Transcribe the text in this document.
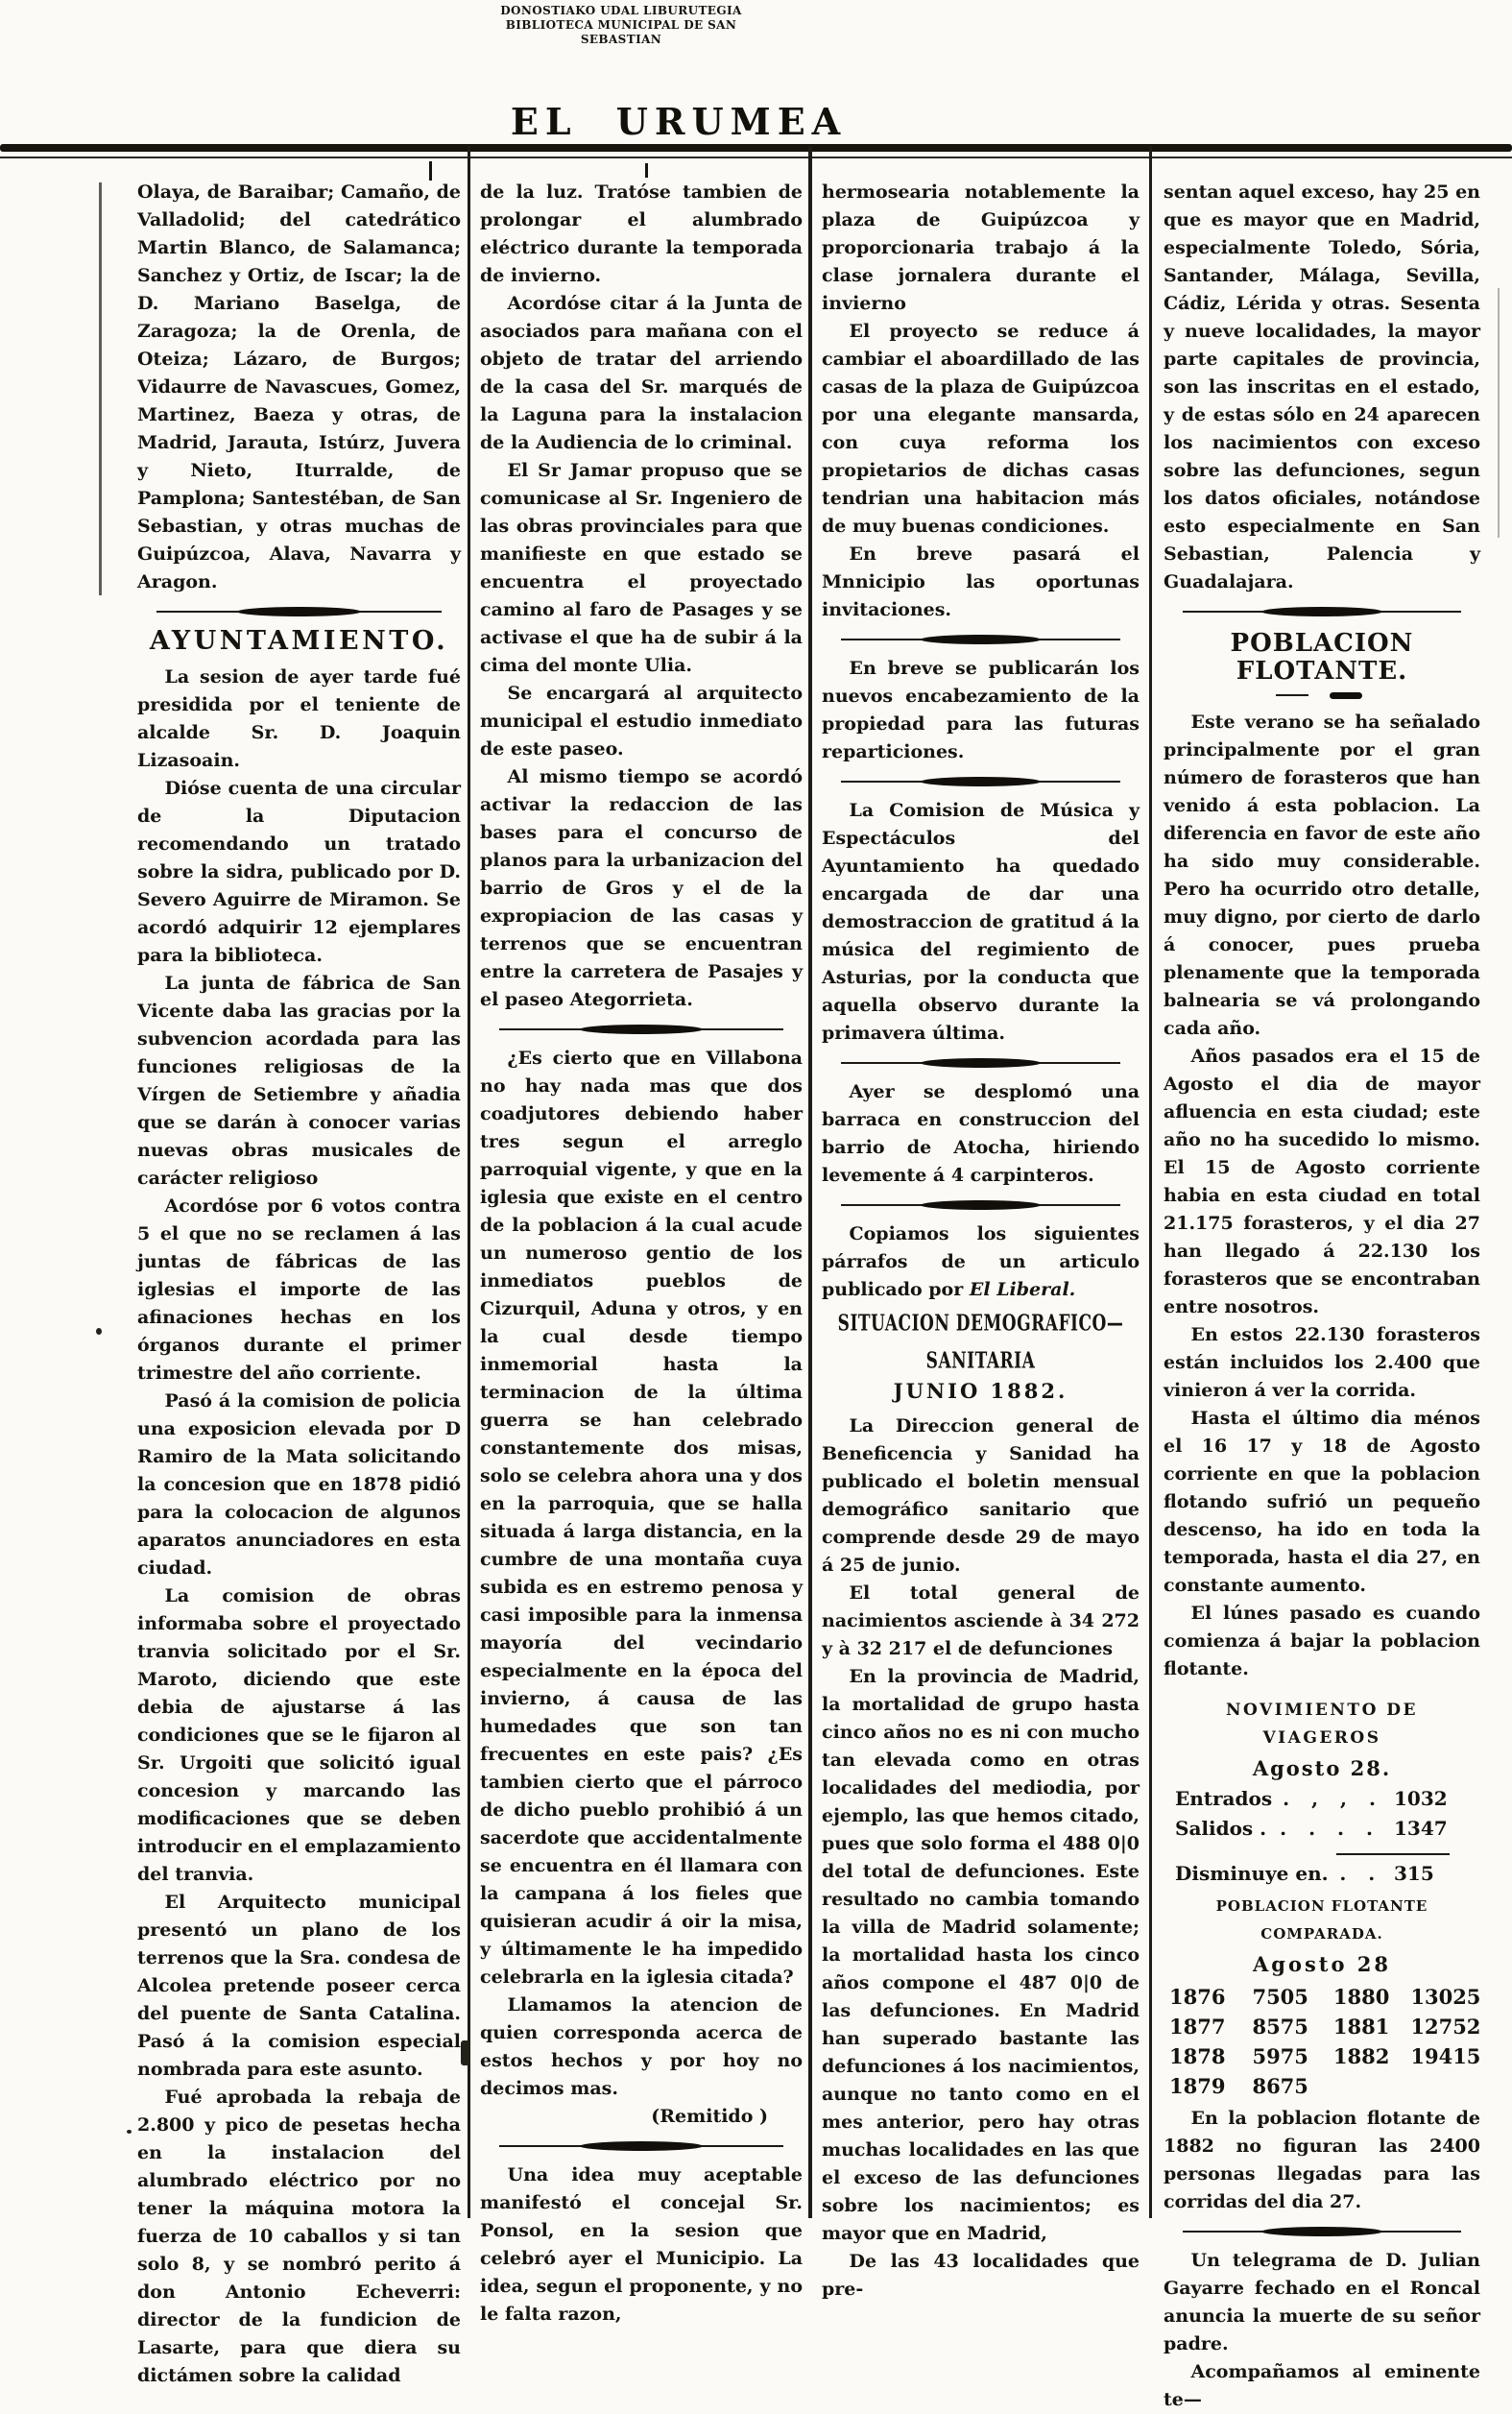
DONOSTIAKO UDAL LIBURUTEGIA
BIBLIOTECA MUNICIPAL DE SAN SEBASTIAN
EL URUMEA

Olaya, de Baraibar; Camaño, de Valladolid; del catedrático Martin Blanco, de Salamanca; Sanchez y Ortiz, de Iscar; la de D. Mariano Baselga, de Zaragoza; la de Orenla, de Oteiza; Lázaro, de Burgos; Vidaurre de Navascues, Gomez, Martinez, Baeza y otras, de Madrid, Jarauta, Istúrz, Juvera y Nieto, Iturralde, de Pamplona; Santestéban, de San Sebastian, y otras muchas de Guipúzcoa, Alava, Navarra y Aragon.

AYUNTAMIENTO.

La sesion de ayer tarde fué presidida por el teniente de alcalde Sr. D. Joaquin Lizasoain.

Dióse cuenta de una circular de la Diputacion recomendando un tratado sobre la sidra, publicado por D. Severo Aguirre de Miramon. Se acordó adquirir 12 ejemplares para la biblioteca.

La junta de fábrica de San Vicente daba las gracias por la subvencion acordada para las funciones religiosas de la Vírgen de Setiembre y añadia que se darán à conocer varias nuevas obras musicales de carácter religioso

Acordóse por 6 votos contra 5 el que no se reclamen á las juntas de fábricas de las iglesias el importe de las afinaciones hechas en los órganos durante el primer trimestre del año corriente.

Pasó á la comision de policia una exposicion elevada por D Ramiro de la Mata solicitando la concesion que en 1878 pidió para la colocacion de algunos aparatos anunciadores en esta ciudad.

La comision de obras informaba sobre el proyectado tranvia solicitado por el Sr. Maroto, diciendo que este debia de ajustarse á las condiciones que se le fijaron al Sr. Urgoiti que solicitó igual concesion y marcando las modificaciones que se deben introducir en el emplazamiento del tranvia.

El Arquitecto municipal presentó un plano de los terrenos que la Sra. condesa de Alcolea pretende poseer cerca del puente de Santa Catalina. Pasó á la comision especial nombrada para este asunto.

Fué aprobada la rebaja de 2.800 y pico de pesetas hecha en la instalacion del alumbrado eléctrico por no tener la máquina motora la fuerza de 10 caballos y si tan solo 8, y se nombró perito á don Antonio Echeverri: director de la fundicion de Lasarte, para que diera su dictámen sobre la calidad

de la luz. Tratóse tambien de prolongar el alumbrado eléctrico durante la temporada de invierno.

Acordóse citar á la Junta de asociados para mañana con el objeto de tratar del arriendo de la casa del Sr. marqués de la Laguna para la instalacion de la Audiencia de lo criminal.

El Sr Jamar propuso que se comunicase al Sr. Ingeniero de las obras provinciales para que manifieste en que estado se encuentra el proyectado camino al faro de Pasages y se activase el que ha de subir á la cima del monte Ulia.

Se encargará al arquitecto municipal el estudio inmediato de este paseo.

Al mismo tiempo se acordó activar la redaccion de las bases para el concurso de planos para la urbanizacion del barrio de Gros y el de la expropiacion de las casas y terrenos que se encuentran entre la carretera de Pasajes y el paseo Ategorrieta.

¿Es cierto que en Villabona no hay nada mas que dos coadjutores debiendo haber tres segun el arreglo parroquial vigente, y que en la iglesia que existe en el centro de la poblacion á la cual acude un numeroso gentio de los inmediatos pueblos de Cizurquil, Aduna y otros, y en la cual desde tiempo inmemorial hasta la terminacion de la última guerra se han celebrado constantemente dos misas, solo se celebra ahora una y dos en la parroquia, que se halla situada á larga distancia, en la cumbre de una montaña cuya subida es en estremo penosa y casi imposible para la inmensa mayoría del vecindario especialmente en la época del invierno, á causa de las humedades que son tan frecuentes en este pais? ¿Es tambien cierto que el párroco de dicho pueblo prohibió á un sacerdote que accidentalmente se encuentra en él llamara con la campana á los fieles que quisieran acudir á oir la misa, y últimamente le ha impedido celebrarla en la iglesia citada?

Llamamos la atencion de quien corresponda acerca de estos hechos y por hoy no decimos mas.

(Remitido )

Una idea muy aceptable manifestó el concejal Sr. Ponsol, en la sesion que celebró ayer el Municipio. La idea, segun el proponente, y no le falta razon,

hermosearia notablemente la plaza de Guipúzcoa y proporcionaria trabajo á la clase jornalera durante el invierno

El proyecto se reduce á cambiar el aboardillado de las casas de la plaza de Guipúzcoa por una elegante mansarda, con cuya reforma los propietarios de dichas casas tendrian una habitacion más de muy buenas condiciones.

En breve pasará el Mnnicipio las oportunas invitaciones.

En breve se publicarán los nuevos encabezamiento de la propiedad para las futuras reparticiones.

La Comision de Música y Espectáculos del Ayuntamiento ha quedado encargada de dar una demostraccion de gratitud á la música del regimiento de Asturias, por la conducta que aquella observo durante la primavera última.

Ayer se desplomó una barraca en construccion del barrio de Atocha, hiriendo levemente á 4 carpinteros.

Copiamos los siguientes párrafos de un articulo publicado por El Liberal.

SITUACION DEMOGRAFICO—SANITARIA
JUNIO 1882.

La Direccion general de Beneficencia y Sanidad ha publicado el boletin mensual demográfico sanitario que comprende desde 29 de mayo á 25 de junio.

El total general de nacimientos asciende à 34 272 y à 32 217 el de defunciones

En la provincia de Madrid, la mortalidad de grupo hasta cinco años no es ni con mucho tan elevada como en otras localidades del mediodia, por ejemplo, las que hemos citado, pues que solo forma el 488 0|0 del total de defunciones. Este resultado no cambia tomando la villa de Madrid solamente; la mortalidad hasta los cinco años compone el 487 0|0 de las defunciones. En Madrid han superado bastante las defunciones á los nacimientos, aunque no tanto como en el mes anterior, pero hay otras muchas localidades en las que el exceso de las defunciones sobre los nacimientos; es mayor que en Madrid,

De las 43 localidades que pre-

sentan aquel exceso, hay 25 en que es mayor que en Madrid, especialmente Toledo, Sória, Santander, Málaga, Sevilla, Cádiz, Lérida y otras. Sesenta y nueve localidades, la mayor parte capitales de provincia, son las inscritas en el estado, y de estas sólo en 24 aparecen los nacimientos con exceso sobre las defunciones, segun los datos oficiales, notándose esto especialmente en San Sebastian, Palencia y Guadalajara.

POBLACION FLOTANTE.

Este verano se ha señalado principalmente por el gran número de forasteros que han venido á esta poblacion. La diferencia en favor de este año ha sido muy considerable. Pero ha ocurrido otro detalle, muy digno, por cierto de darlo á conocer, pues prueba plenamente que la temporada balnearia se vá prolongando cada año.

Años pasados era el 15 de Agosto el dia de mayor afluencia en esta ciudad; este año no ha sucedido lo mismo. El 15 de Agosto corriente habia en esta ciudad en total 21.175 forasteros, y el dia 27 han llegado á 22.130 los forasteros que se encontraban entre nosotros.

En estos 22.130 forasteros están incluidos los 2.400 que vinieron á ver la corrida.

Hasta el último dia ménos el 16 17 y 18 de Agosto corriente en que la poblacion flotando sufrió un pequeño descenso, ha ido en toda la temporada, hasta el dia 27, en constante aumento.

El lúnes pasado es cuando comienza á bajar la poblacion flotante.

NOVIMIENTO DE VIAGEROS
Agosto 28.
Entrados . , , . 1032
Salidos . . . . . 1347
Disminuye en. . . 315
POBLACION FLOTANTE COMPARADA.
Agosto 28
1876 7505 1880 13025
1877 8575 1881 12752
1878 5975 1882 19415
1879 8675

En la poblacion flotante de 1882 no figuran las 2400 personas llegadas para las corridas del dia 27.

Un telegrama de D. Julian Gayarre fechado en el Roncal anuncia la muerte de su señor padre.

Acompañamos al eminente te—
